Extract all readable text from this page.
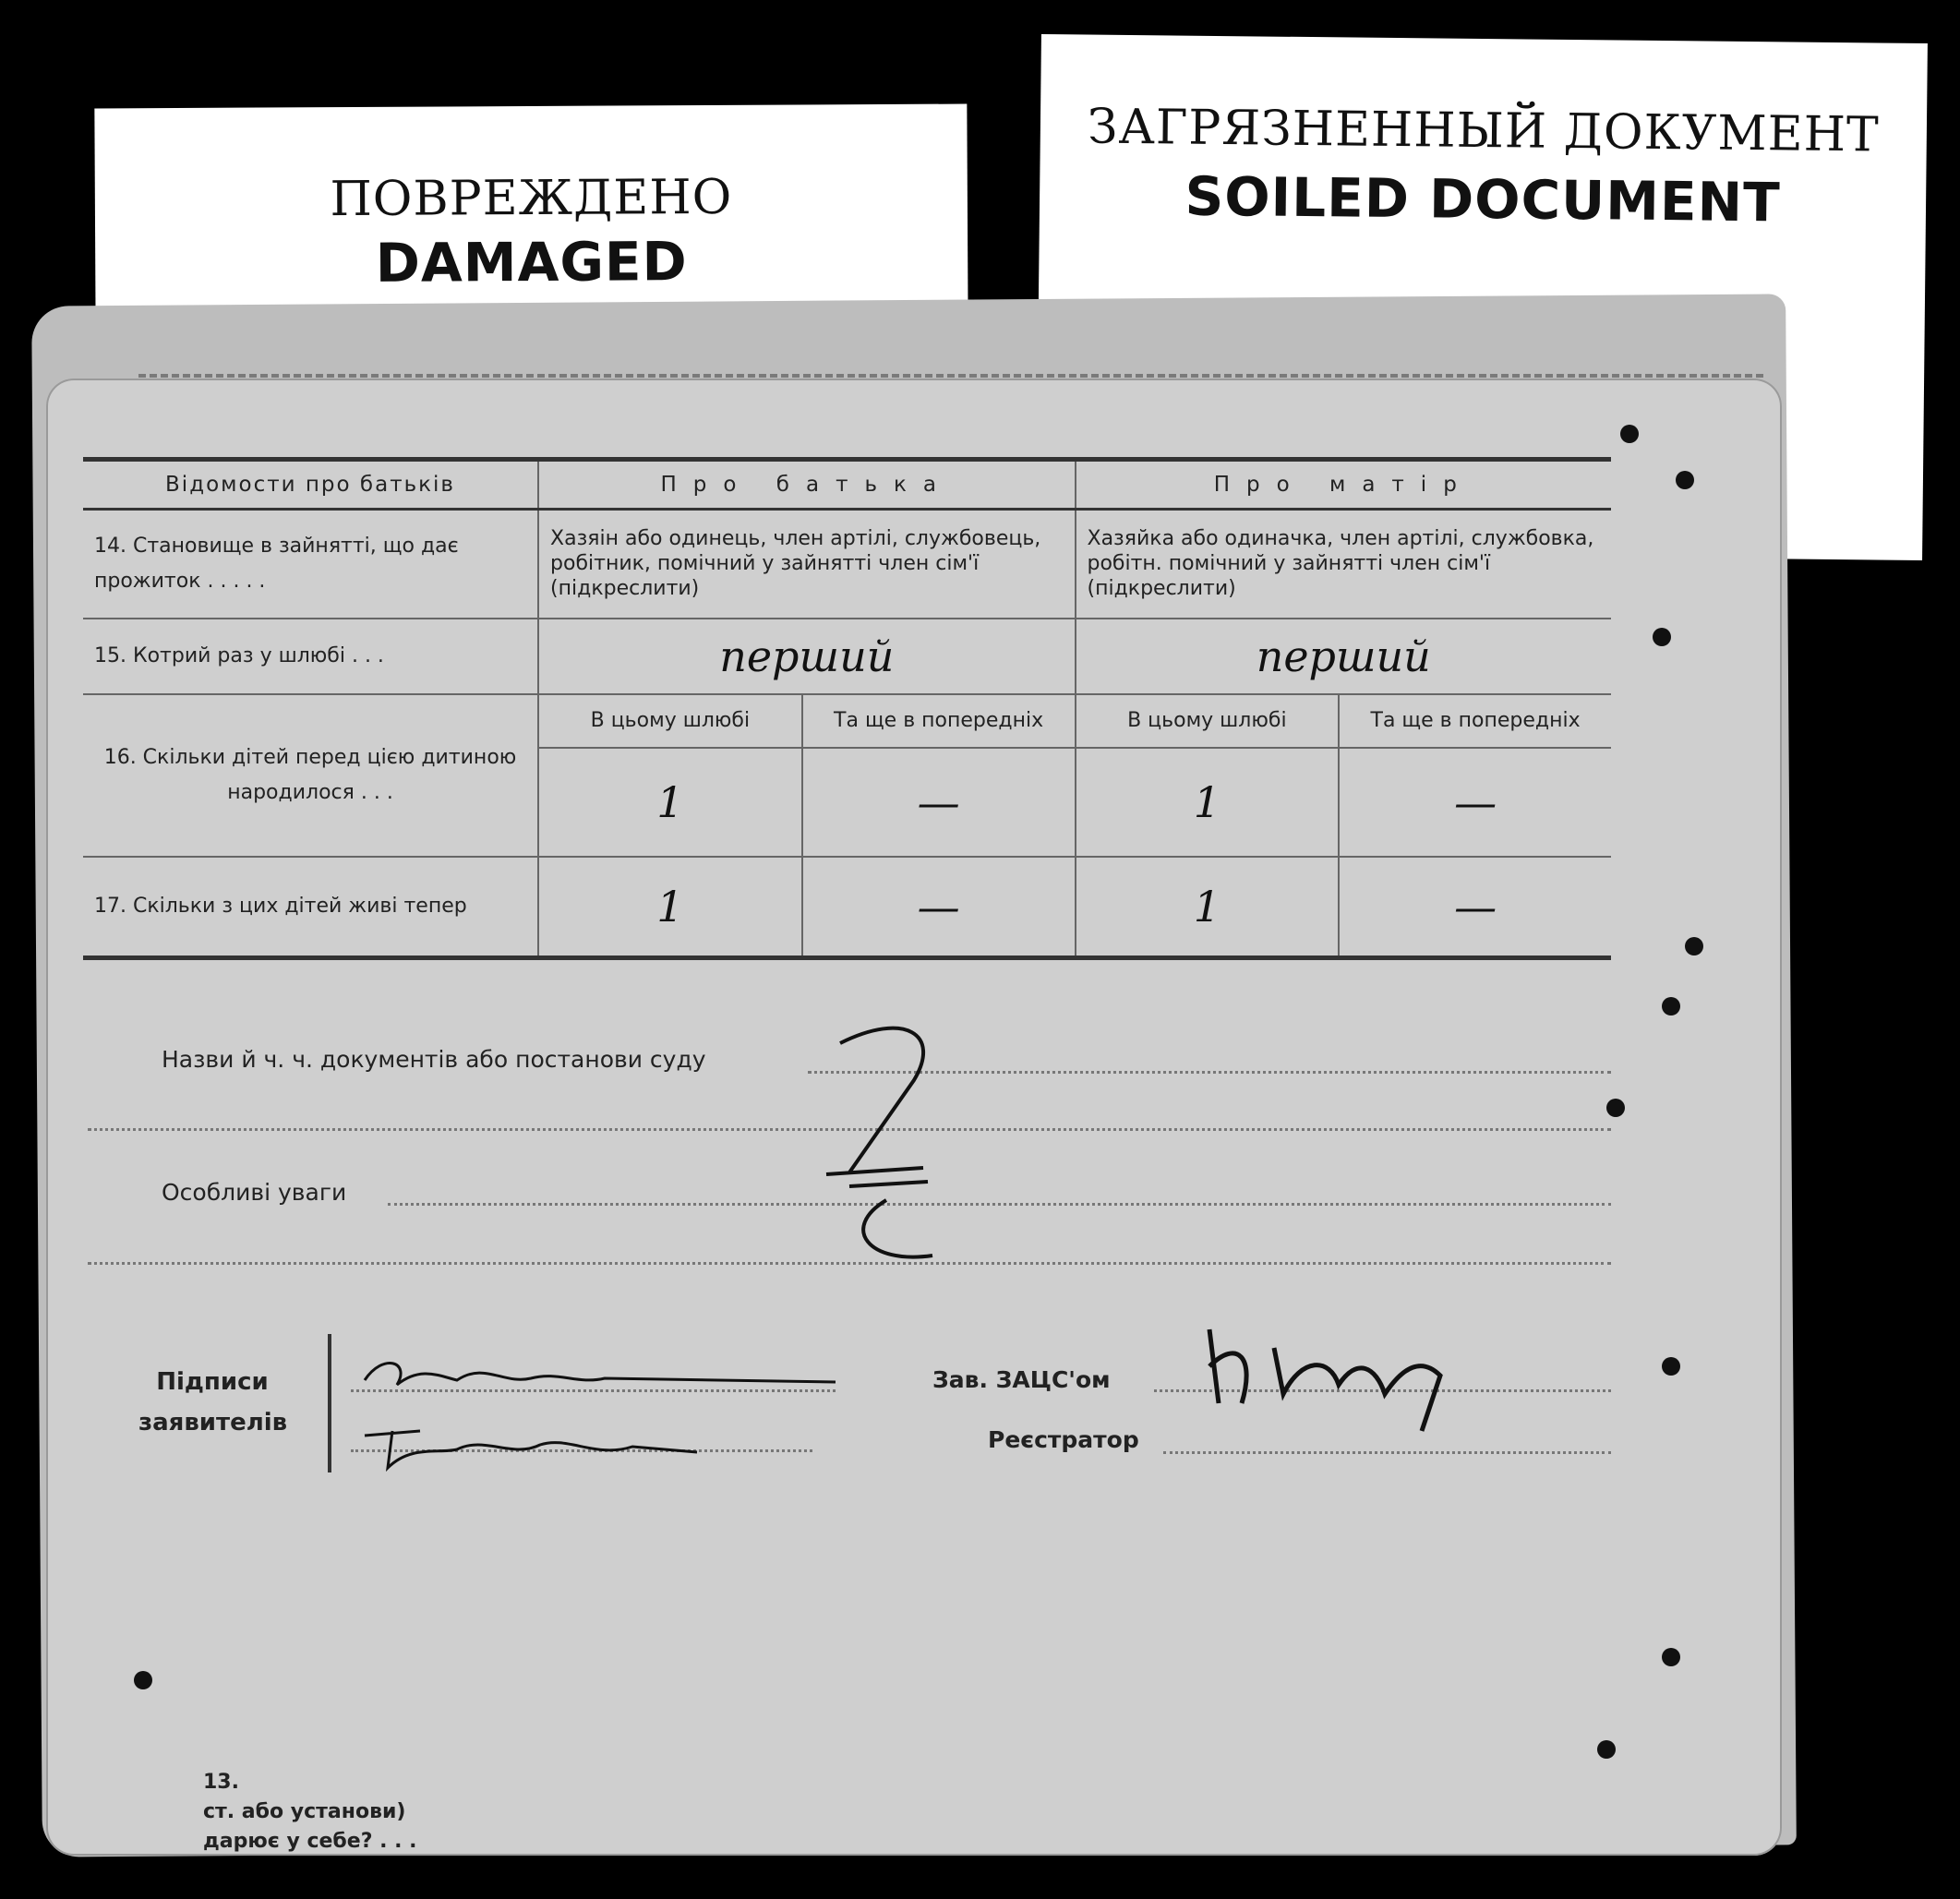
ПОВРЕЖДЕНО
DAMAGED
ЗАГРЯЗНЕННЫЙ ДОКУМЕНТ
SOILED DOCUMENT
Відомости про батьків	Про батька		Про матір	
14. Становище в зайнятті, що дає прожиток . . . . .	Хазяін або одинець, член артілі, службовець, робітник, помічний у зайнятті член сім'ї (підкреслити)		Хазяйка або одиначка, член артілі, службовка, робітн. помічний у зайнятті член сім'ї (підкреслити)	
15. Котрий раз у шлюбі . . .	перший		перший	
16. Скільки дітей перед цією дитиною народилося . . .	В цьому шлюбі	Та ще в попередніх	В цьому шлюбі	Та ще в попередніх
	1	—	1	—
17. Скільки з цих дітей живі тепер	1	—	1	—
Назви й ч. ч. документів або постанови суду
Особливі уваги
Підписи заявителів
Зав. ЗАЦС'ом
Реєстратор
13.
ст. або установи)
дарює у себе? . . .
